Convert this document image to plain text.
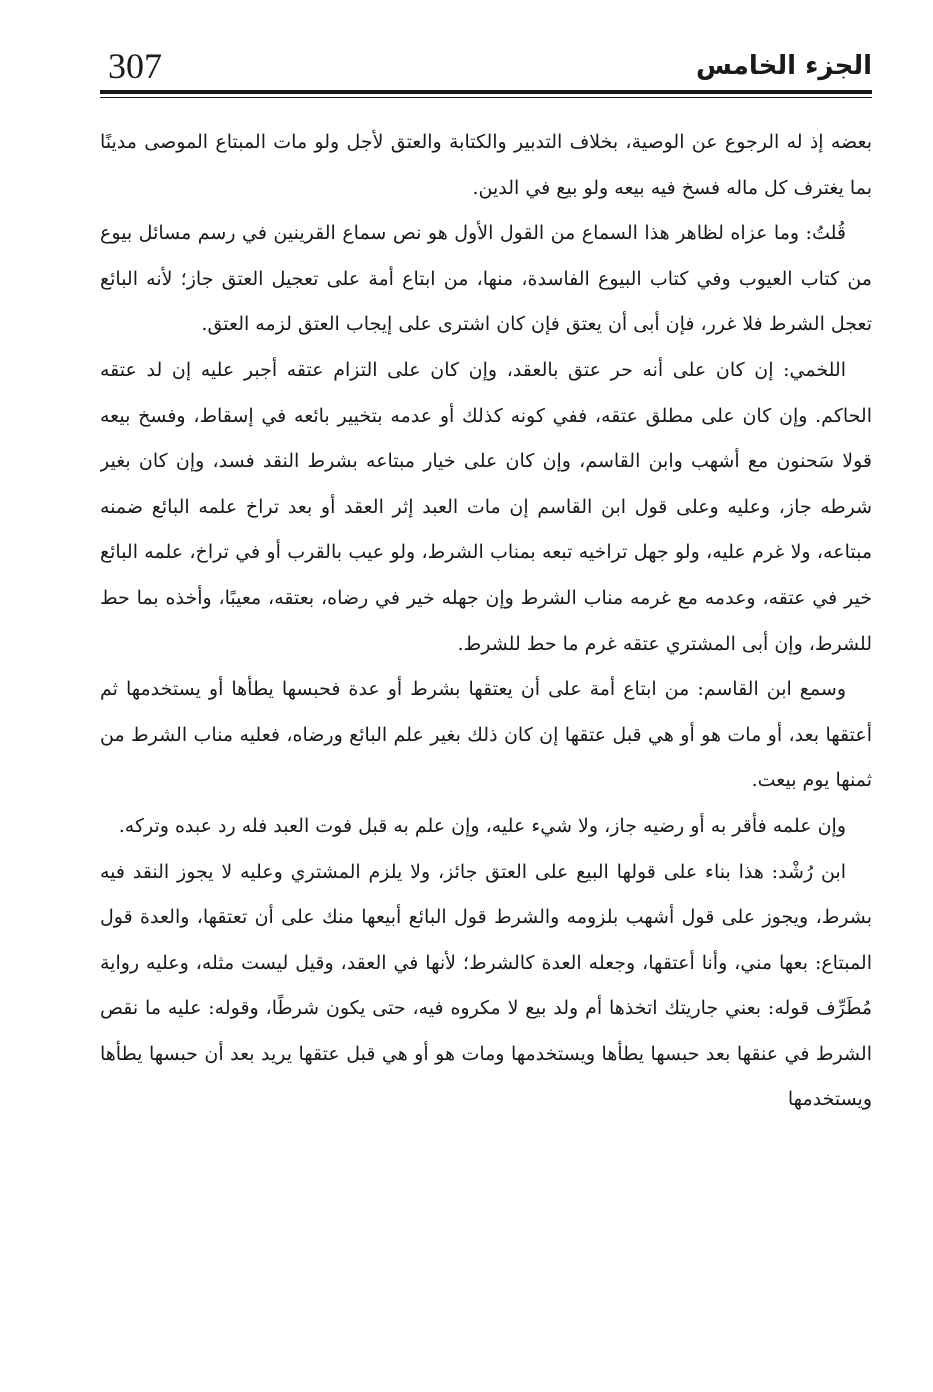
307	الجزء الخامس

بعضه إذ له الرجوع عن الوصية، بخلاف التدبير والكتابة والعتق لأجل ولو مات المبتاع الموصى مدينًا بما يغترف كل ماله فسخ فيه بيعه ولو بيع في الدين.

قُلتُ: وما عزاه لظاهر هذا السماع من القول الأول هو نص سماع القرينين في رسم مسائل بيوع من كتاب العيوب وفي كتاب البيوع الفاسدة، منها، من ابتاع أمة على تعجيل العتق جاز؛ لأنه البائع تعجل الشرط فلا غرر، فإن أبى أن يعتق فإن كان اشترى على إيجاب العتق لزمه العتق.

اللخمي: إن كان على أنه حر عتق بالعقد، وإن كان على التزام عتقه أجبر عليه إن لد عتقه الحاكم. وإن كان على مطلق عتقه، ففي كونه كذلك أو عدمه بتخيير بائعه في إسقاط، وفسخ بيعه قولا سَحنون مع أشهب وابن القاسم، وإن كان على خيار مبتاعه بشرط النقد فسد، وإن كان بغير شرطه جاز، وعليه وعلى قول ابن القاسم إن مات العبد إثر العقد أو بعد تراخ علمه البائع ضمنه مبتاعه، ولا غرم عليه، ولو جهل تراخيه تبعه بمناب الشرط، ولو عيب بالقرب أو في تراخ، علمه البائع خير في عتقه، وعدمه مع غرمه مناب الشرط وإن جهله خير في رضاه، بعتقه، معيبًا، وأخذه بما حط للشرط، وإن أبى المشتري عتقه غرم ما حط للشرط.

وسمع ابن القاسم: من ابتاع أمة على أن يعتقها بشرط أو عدة فحبسها يطأها أو يستخدمها ثم أعتقها بعد، أو مات هو أو هي قبل عتقها إن كان ذلك بغير علم البائع ورضاه، فعليه مناب الشرط من ثمنها يوم بيعت.

وإن علمه فأقر به أو رضيه جاز، ولا شيء عليه، وإن علم به قبل فوت العبد فله رد عبده وتركه.

ابن رُشْد: هذا بناء على قولها البيع على العتق جائز، ولا يلزم المشتري وعليه لا يجوز النقد فيه بشرط، ويجوز على قول أشهب بلزومه والشرط قول البائع أبيعها منك على أن تعتقها، والعدة قول المبتاع: بعها مني، وأنا أعتقها، وجعله العدة كالشرط؛ لأنها في العقد، وقيل ليست مثله، وعليه رواية مُطَرِّف قوله: بعني جاريتك اتخذها أم ولد بيع لا مكروه فيه، حتى يكون شرطًا، وقوله: عليه ما نقص الشرط في عنقها بعد حبسها يطأها ويستخدمها ومات هو أو هي قبل عتقها يريد بعد أن حبسها يطأها ويستخدمها
